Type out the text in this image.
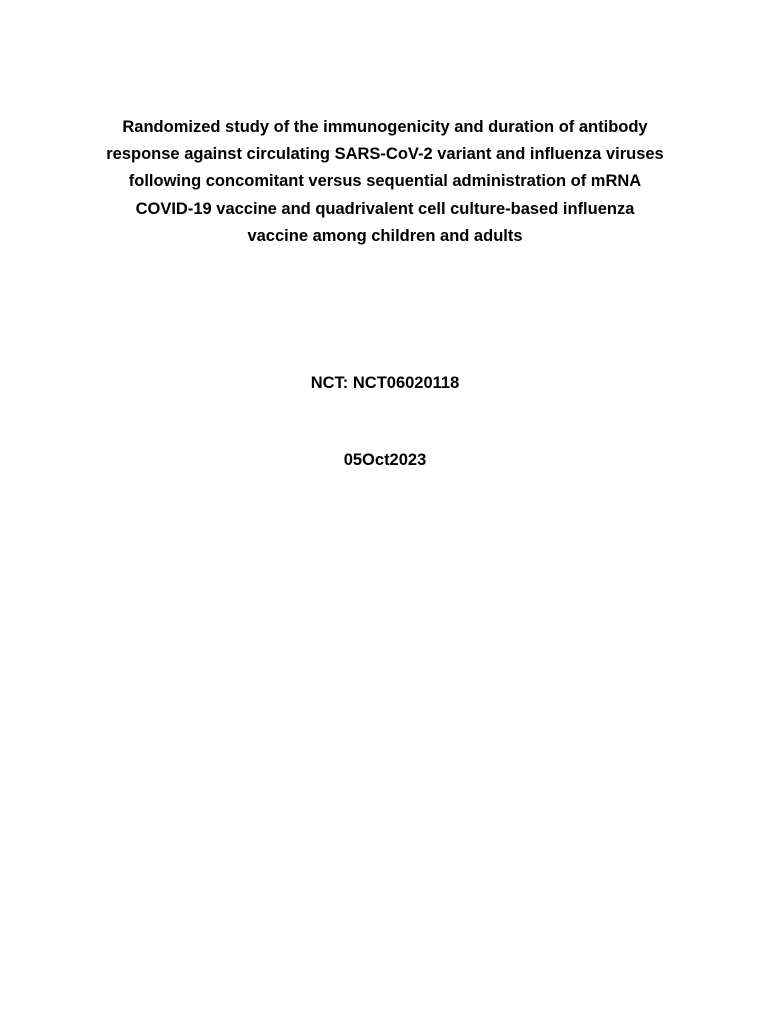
Randomized study of the immunogenicity and duration of antibody
response against circulating SARS-CoV-2 variant and influenza viruses
following concomitant versus sequential administration of mRNA
COVID-19 vaccine and quadrivalent cell culture-based influenza
vaccine among children and adults
NCT: NCT06020118
05Oct2023
